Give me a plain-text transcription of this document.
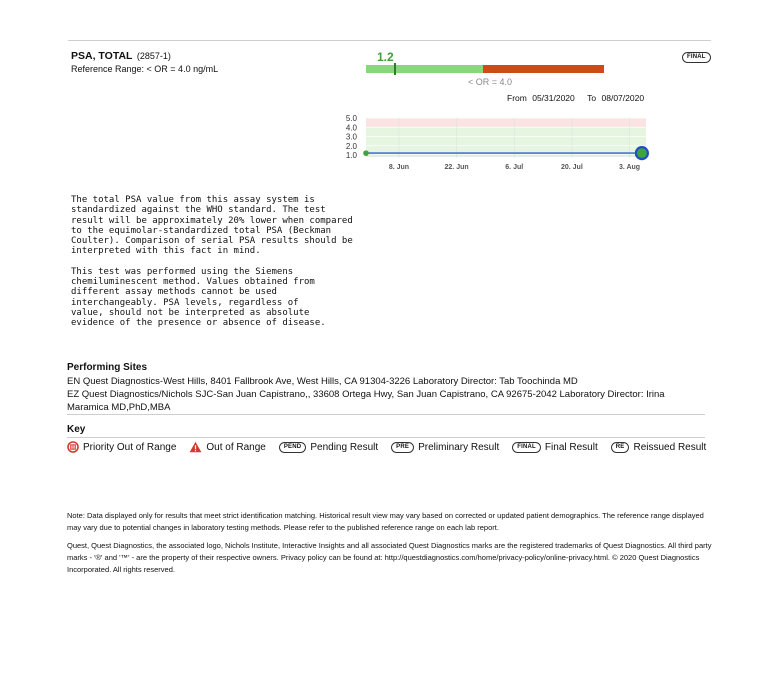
PSA, TOTAL (2857-1)
Reference Range: < OR = 4.0 ng/mL
FINAL
1.2
< OR = 4.0
From 05/31/2020 To 08/07/2020
5.0
4.0
3.0
2.0
1.0
8. Jun	22. Jun	6. Jul	20. Jul	3. Aug
The total PSA value from this assay system is
standardized against the WHO standard. The test
result will be approximately 20% lower when compared
to the equimolar-standardized total PSA (Beckman
Coulter). Comparison of serial PSA results should be
interpreted with this fact in mind.
This test was performed using the Siemens
chemiluminescent method. Values obtained from
different assay methods cannot be used
interchangeably. PSA levels, regardless of
value, should not be interpreted as absolute
evidence of the presence or absence of disease.
Performing Sites
EN Quest Diagnostics-West Hills, 8401 Fallbrook Ave, West Hills, CA 91304-3226 Laboratory Director: Tab Toochinda MD
EZ Quest Diagnostics/Nichols SJC-San Juan Capistrano,, 33608 Ortega Hwy, San Juan Capistrano, CA 92675-2042 Laboratory Director: Irina
Maramica MD,PhD,MBA
Key
Priority Out of Range	Out of Range	PEND Pending Result	PRE Preliminary Result	FINAL Final Result	RE Reissued Result
Note: Data displayed only for results that meet strict identification matching. Historical result view may vary based on corrected or updated patient demographics. The reference range displayed may vary due to potential changes in laboratory testing methods. Please refer to the published reference range on each lab report.
Quest, Quest Diagnostics, the associated logo, Nichols Institute, Interactive Insights and all associated Quest Diagnostics marks are the registered trademarks of Quest Diagnostics. All third party marks - '®' and '™' - are the property of their respective owners. Privacy policy can be found at: http://questdiagnostics.com/home/privacy-policy/online-privacy.html. © 2020 Quest Diagnostics Incorporated. All rights reserved.
